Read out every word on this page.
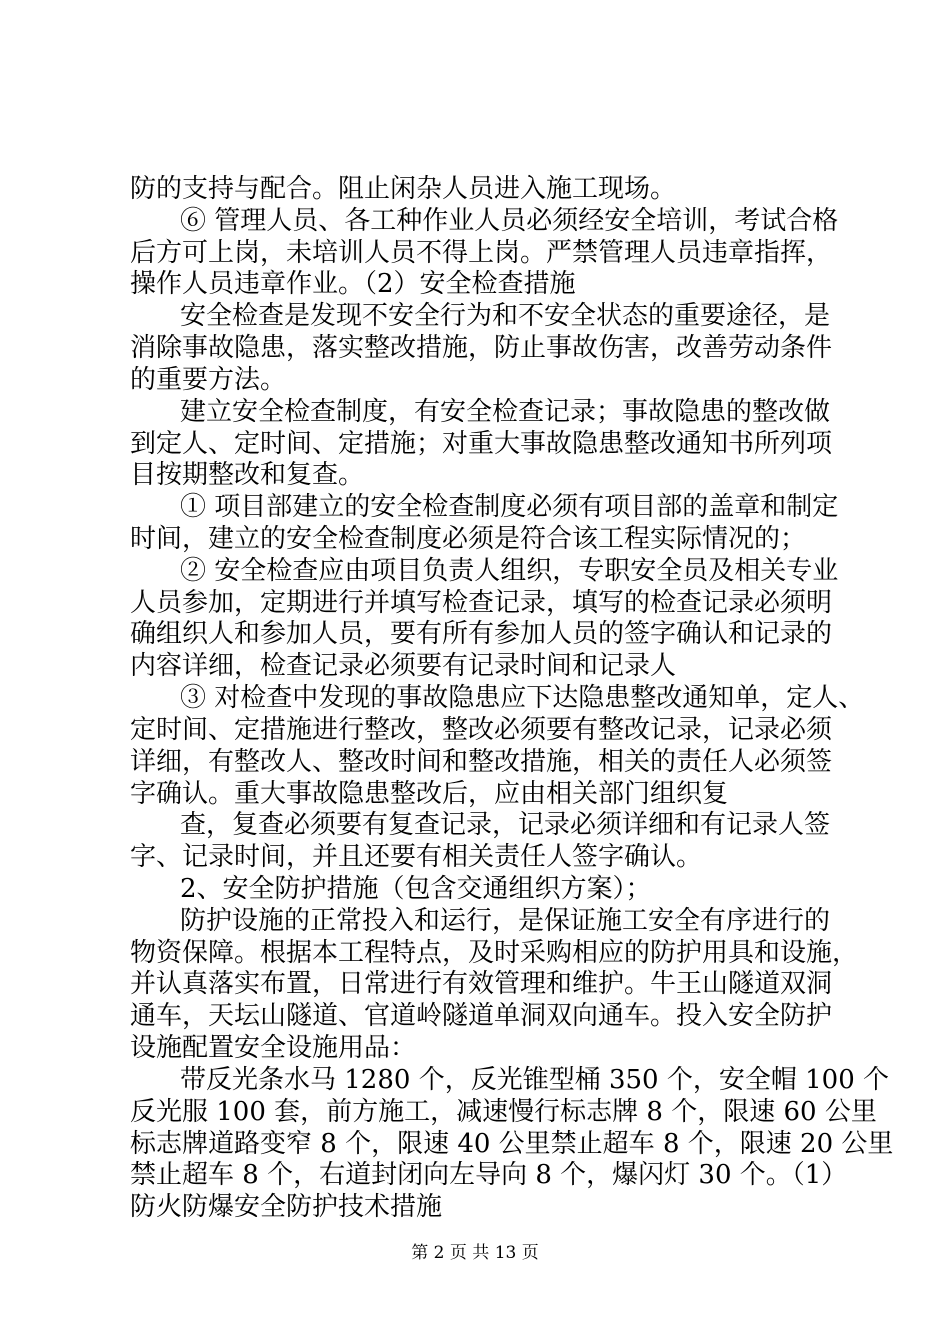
防的支持与配合。阻止闲杂人员进入施工现场。
⑥ 管理人员、各工种作业人员必须经安全培训，考试合格
后方可上岗，未培训人员不得上岗。严禁管理人员违章指挥，
操作人员违章作业。（2）安全检查措施
安全检查是发现不安全行为和不安全状态的重要途径，是
消除事故隐患，落实整改措施，防止事故伤害，改善劳动条件
的重要方法。
建立安全检查制度，有安全检查记录；事故隐患的整改做
到定人、定时间、定措施；对重大事故隐患整改通知书所列项
目按期整改和复查。
① 项目部建立的安全检查制度必须有项目部的盖章和制定
时间，建立的安全检查制度必须是符合该工程实际情况的；
② 安全检查应由项目负责人组织，专职安全员及相关专业
人员参加，定期进行并填写检查记录，填写的检查记录必须明
确组织人和参加人员，要有所有参加人员的签字确认和记录的
内容详细，检查记录必须要有记录时间和记录人
③ 对检查中发现的事故隐患应下达隐患整改通知单，定人、
定时间、定措施进行整改，整改必须要有整改记录，记录必须
详细，有整改人、整改时间和整改措施，相关的责任人必须签
字确认。重大事故隐患整改后，应由相关部门组织复
查，复查必须要有复查记录，记录必须详细和有记录人签
字、记录时间，并且还要有相关责任人签字确认。
2、安全防护措施（包含交通组织方案）；
防护设施的正常投入和运行，是保证施工安全有序进行的
物资保障。根据本工程特点，及时采购相应的防护用具和设施，
并认真落实布置，日常进行有效管理和维护。牛王山隧道双洞
通车，天坛山隧道、官道岭隧道单洞双向通车。投入安全防护
设施配置安全设施用品：
带反光条水马 1280 个，反光锥型桶 350 个，安全帽 100 个
反光服 100 套，前方施工，减速慢行标志牌 8 个，限速 60 公里
标志牌道路变窄 8 个，限速 40 公里禁止超车 8 个，限速 20 公里
禁止超车 8 个，右道封闭向左导向 8 个，爆闪灯 30 个。（1）
防火防爆安全防护技术措施
第 2 页 共 13 页
